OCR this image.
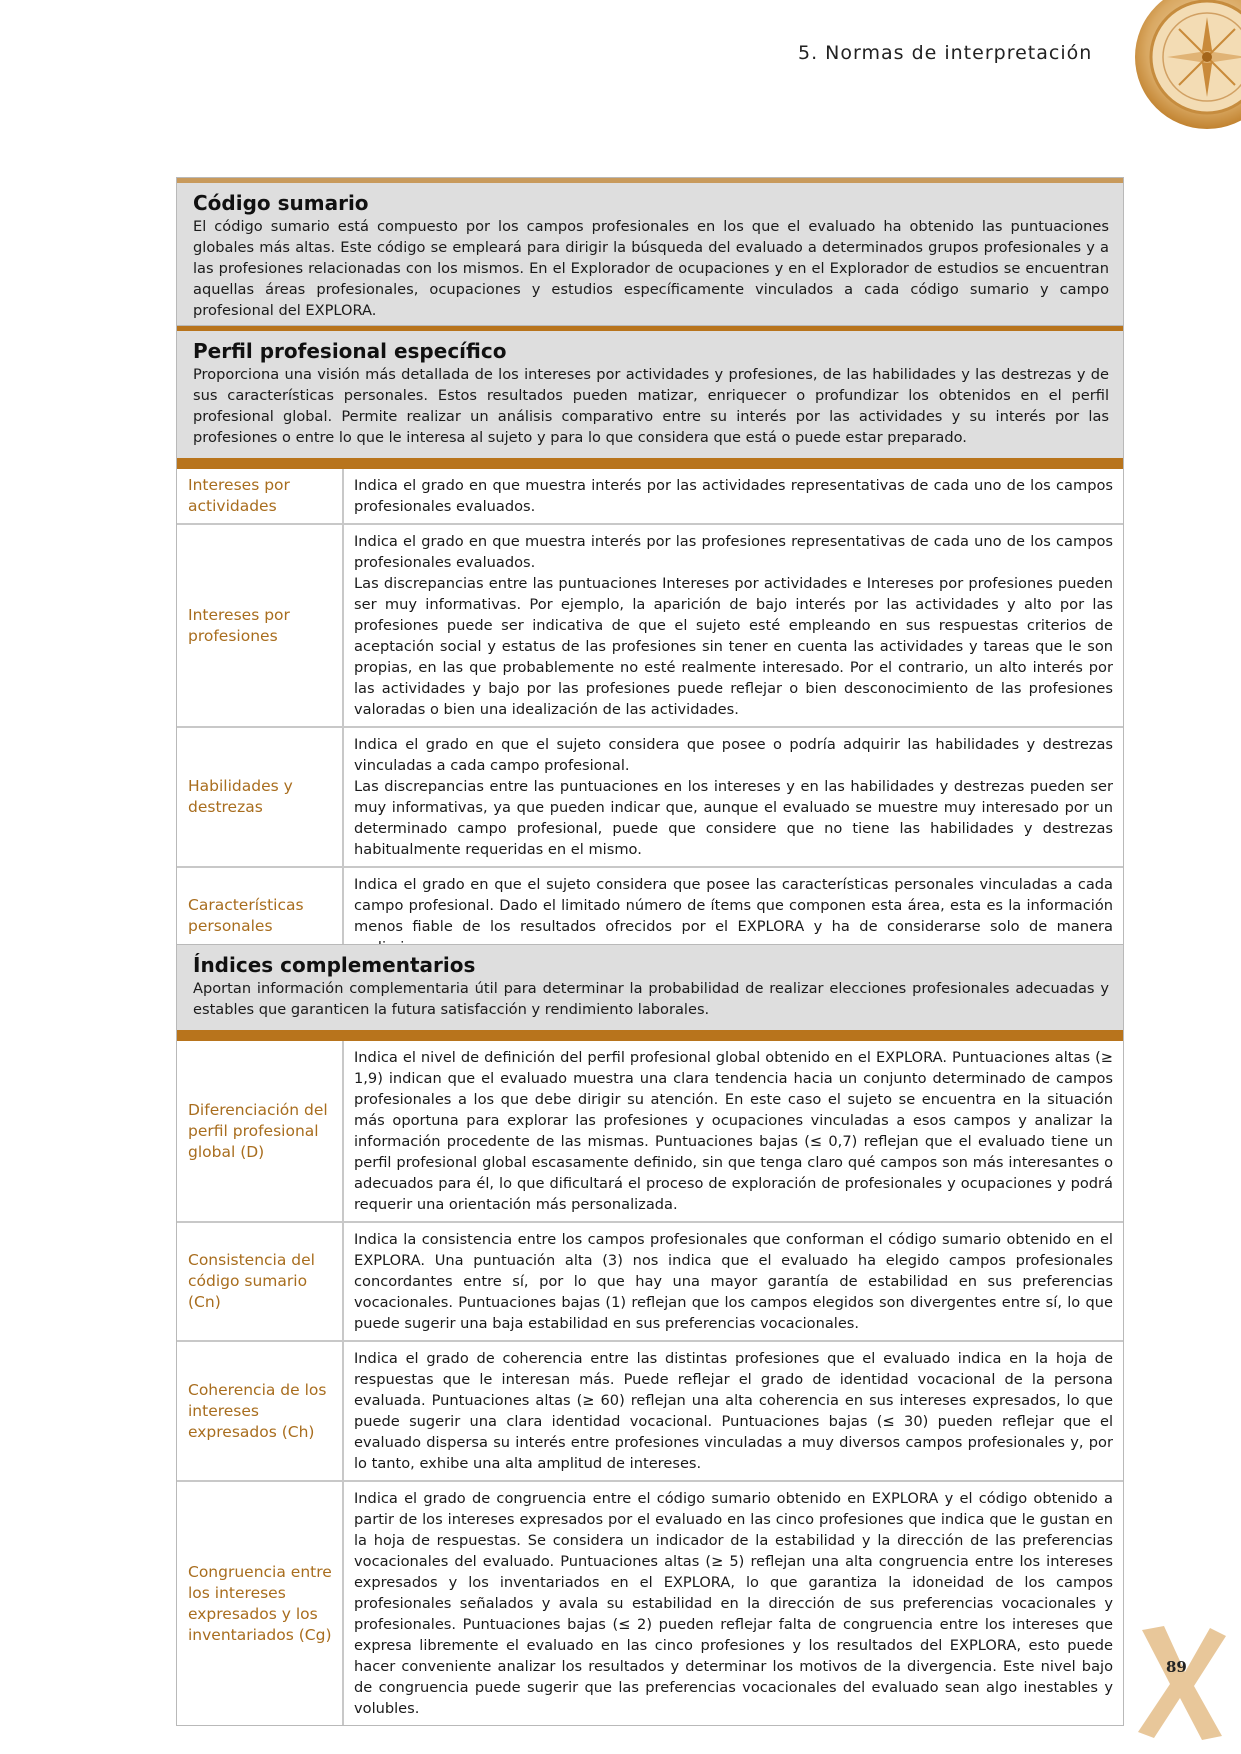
5. Normas de interpretación
89
Código sumario

El código sumario está compuesto por los campos profesionales en los que el evaluado ha obtenido las puntuaciones globales más altas. Este código se empleará para dirigir la búsqueda del evaluado a determinados grupos profesionales y a las profesiones relacionadas con los mismos. En el Explorador de ocupaciones y en el Explorador de estudios se encuentran aquellas áreas profesionales, ocupaciones y estudios específicamente vinculados a cada código sumario y campo profesional del EXPLORA.

Perfil profesional específico

Proporciona una visión más detallada de los intereses por actividades y profesiones, de las habilidades y las destrezas y de sus características personales. Estos resultados pueden matizar, enriquecer o profundizar los obtenidos en el perfil profesional global. Permite realizar un análisis comparativo entre su interés por las actividades y su interés por las profesiones o entre lo que le interesa al sujeto y para lo que considera que está o puede estar preparado.

Intereses por actividades	Indica el grado en que muestra interés por las actividades representativas de cada uno de los campos profesionales evaluados.

Intereses por profesiones	Indica el grado en que muestra interés por las profesiones representativas de cada uno de los campos profesionales evaluados.

Las discrepancias entre las puntuaciones Intereses por actividades e Intereses por profesiones pueden ser muy informativas. Por ejemplo, la aparición de bajo interés por las actividades y alto por las profesiones puede ser indicativa de que el sujeto esté empleando en sus respuestas criterios de aceptación social y estatus de las profesiones sin tener en cuenta las actividades y tareas que le son propias, en las que probablemente no esté realmente interesado. Por el contrario, un alto interés por las actividades y bajo por las profesiones puede reflejar o bien desconocimiento de las profesiones valoradas o bien una idealización de las actividades.

Habilidades y destrezas	Indica el grado en que el sujeto considera que posee o podría adquirir las habilidades y destrezas vinculadas a cada campo profesional.

Las discrepancias entre las puntuaciones en los intereses y en las habilidades y destrezas pueden ser muy informativas, ya que pueden indicar que, aunque el evaluado se muestre muy interesado por un determinado campo profesional, puede que considere que no tiene las habilidades y destrezas habitualmente requeridas en el mismo.

Características personales	Indica el grado en que el sujeto considera que posee las características personales vinculadas a cada campo profesional. Dado el limitado número de ítems que componen esta área, esta es la información menos fiable de los resultados ofrecidos por el EXPLORA y ha de considerarse solo de manera

Índices complementarios

Aportan información complementaria útil para determinar la probabilidad de realizar elecciones profesionales adecuadas y estables que garanticen la futura satisfacción y rendimiento laborales.

Diferenciación del perfil profesional global (D)	Indica el nivel de definición del perfil profesional global obtenido en el EXPLORA. Puntuaciones altas (≥ 1,9) indican que el evaluado muestra una clara tendencia hacia un conjunto determinado de campos profesionales a los que debe dirigir su atención. En este caso el sujeto se encuentra en la situación más oportuna para explorar las profesiones y ocupaciones vinculadas a esos campos y analizar la información procedente de las mismas. Puntuaciones bajas (≤ 0,7) reflejan que el evaluado tiene un perfil profesional global escasamente definido, sin que tenga claro qué campos son más interesantes o adecuados para él, lo que dificultará el proceso de exploración de profesionales y ocupaciones y podrá requerir una orientación más personalizada.

Consistencia del código sumario (Cn)	Indica la consistencia entre los campos profesionales que conforman el código sumario obtenido en el EXPLORA. Una puntuación alta (3) nos indica que el evaluado ha elegido campos profesionales concordantes entre sí, por lo que hay una mayor garantía de estabilidad en sus preferencias vocacionales. Puntuaciones bajas (1) reflejan que los campos elegidos son divergentes entre sí, lo que puede sugerir una baja estabilidad en sus preferencias vocacionales.

Coherencia de los intereses expresados (Ch)	Indica el grado de coherencia entre las distintas profesiones que el evaluado indica en la hoja de respuestas que le interesan más. Puede reflejar el grado de identidad vocacional de la persona evaluada. Puntuaciones altas (≥ 60) reflejan una alta coherencia en sus intereses expresados, lo que puede sugerir una clara identidad vocacional. Puntuaciones bajas (≤ 30) pueden reflejar que el evaluado dispersa su interés entre profesiones vinculadas a muy diversos campos profesionales y, por lo tanto, exhibe una alta amplitud de intereses.

Congruencia entre los intereses expresados y los inventariados (Cg)	Indica el grado de congruencia entre el código sumario obtenido en EXPLORA y el código obtenido a partir de los intereses expresados por el evaluado en las cinco profesiones que indica que le gustan en la hoja de respuestas. Se considera un indicador de la estabilidad y la dirección de las preferencias vocacionales del evaluado. Puntuaciones altas (≥ 5) reflejan una alta congruencia entre los intereses expresados y los inventariados en el EXPLORA, lo que garantiza la idoneidad de los campos profesionales señalados y avala su estabilidad en la dirección de sus preferencias vocacionales y profesionales. Puntuaciones bajas (≤ 2) pueden reflejar falta de congruencia entre los intereses que expresa libremente el evaluado en las cinco profesiones y los resultados del EXPLORA, esto puede hacer conveniente analizar los resultados y determinar los motivos de la divergencia. Este nivel bajo de congruencia puede sugerir que las preferencias vocacionales del evaluado sean algo inestables y volubles.
